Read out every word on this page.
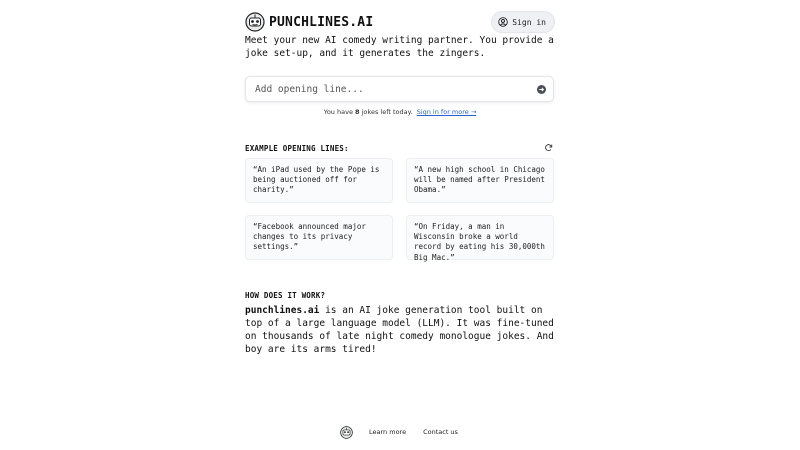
PUNCHLINES.AI	Sign in

Meet your new AI comedy writing partner. You provide a joke set-up, and it generates the zingers.

Add opening line...
You have 8 jokes left today. Sign in for more →
EXAMPLE OPENING LINES:
“An iPad used by the Pope is being auctioned off for charity.”
“A new high school in Chicago will be named after President Obama.”
“Facebook announced major changes to its privacy settings.”
“On Friday, a man in Wisconsin broke a world record by eating his 30,000th Big Mac.”
HOW DOES IT WORK?

punchlines.ai is an AI joke generation tool built on top of a large language model (LLM). It was fine-tuned on thousands of late night comedy monologue jokes. And boy are its arms tired!

Learn more	Contact us
